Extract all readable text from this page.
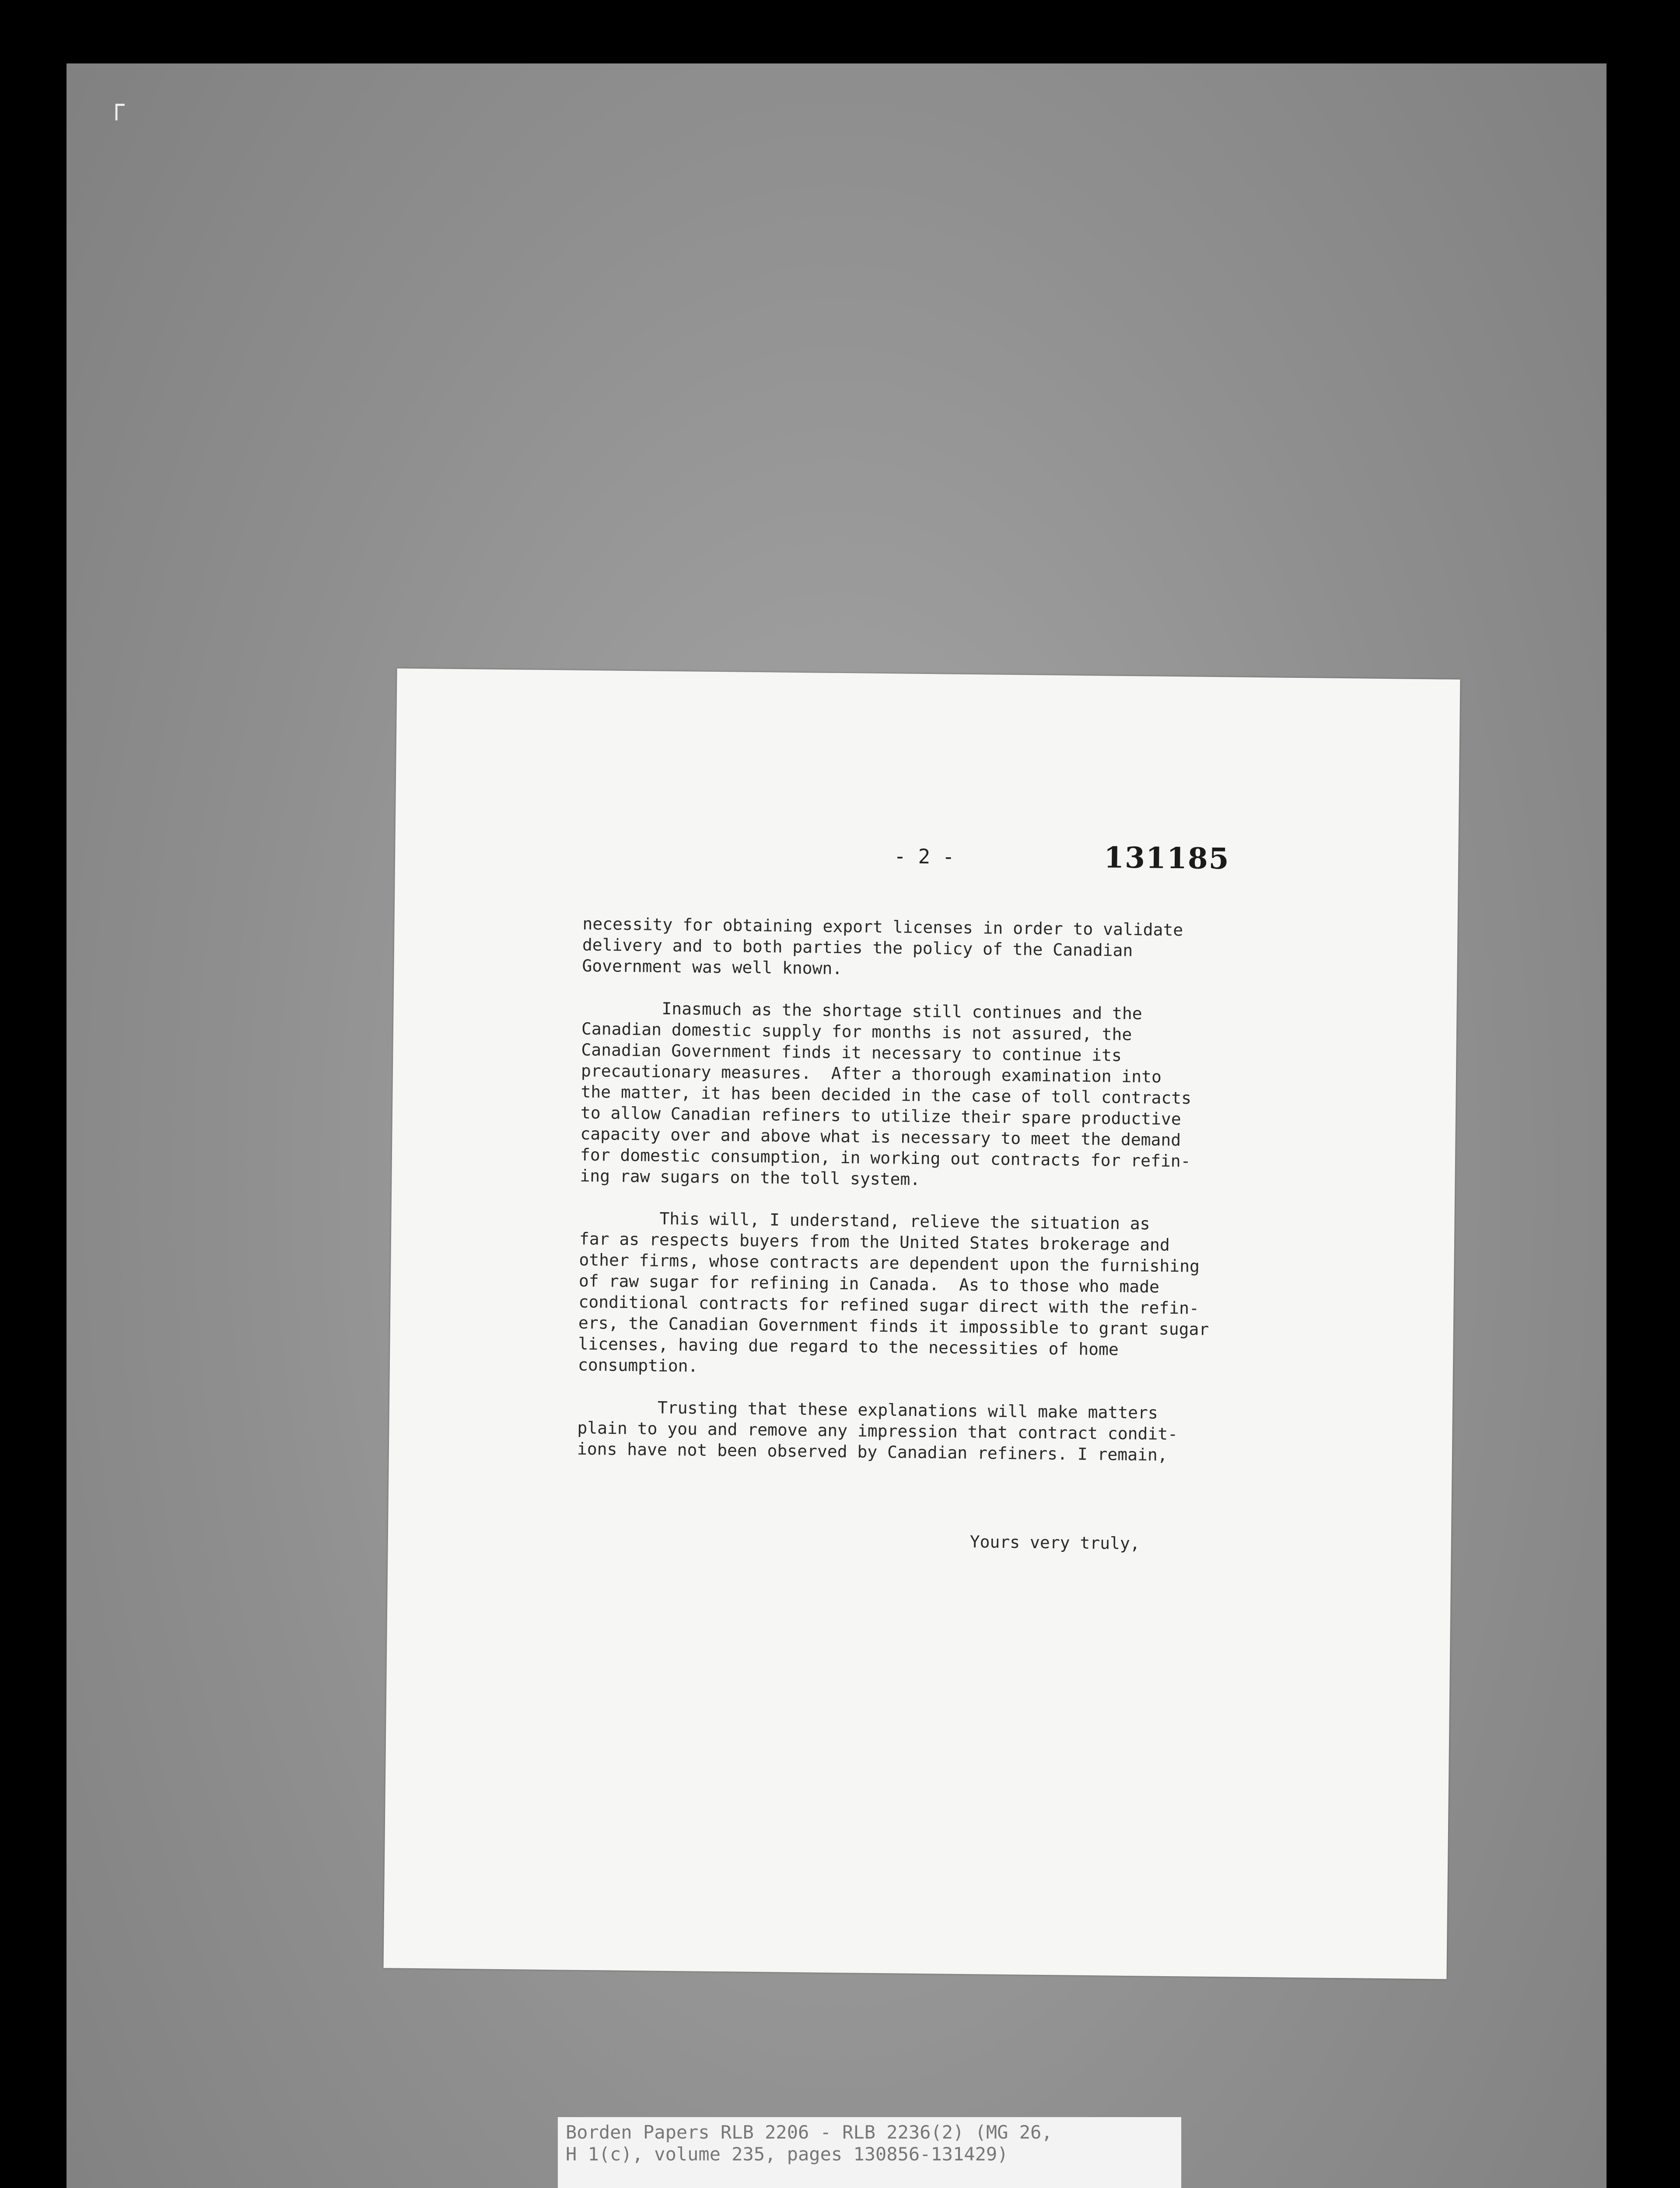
┌
- 2 -	131185

necessity for obtaining export licenses in order to validate
delivery and to both parties the policy of the Canadian
Government was well known.

Inasmuch as the shortage still continues and the
Canadian domestic supply for months is not assured, the
Canadian Government finds it necessary to continue its
precautionary measures.  After a thorough examination into
the matter, it has been decided in the case of toll contracts
to allow Canadian refiners to utilize their spare productive
capacity over and above what is necessary to meet the demand
for domestic consumption, in working out contracts for refin-
ing raw sugars on the toll system.

This will, I understand, relieve the situation as
far as respects buyers from the United States brokerage and
other firms, whose contracts are dependent upon the furnishing
of raw sugar for refining in Canada.  As to those who made
conditional contracts for refined sugar direct with the refin-
ers, the Canadian Government finds it impossible to grant sugar
licenses, having due regard to the necessities of home
consumption.

Trusting that these explanations will make matters
plain to you and remove any impression that contract condit-
ions have not been observed by Canadian refiners. I remain,

Yours very truly,
Borden Papers RLB 2206 - RLB 2236(2) (MG 26,
H 1(c), volume 235, pages 130856-131429)
